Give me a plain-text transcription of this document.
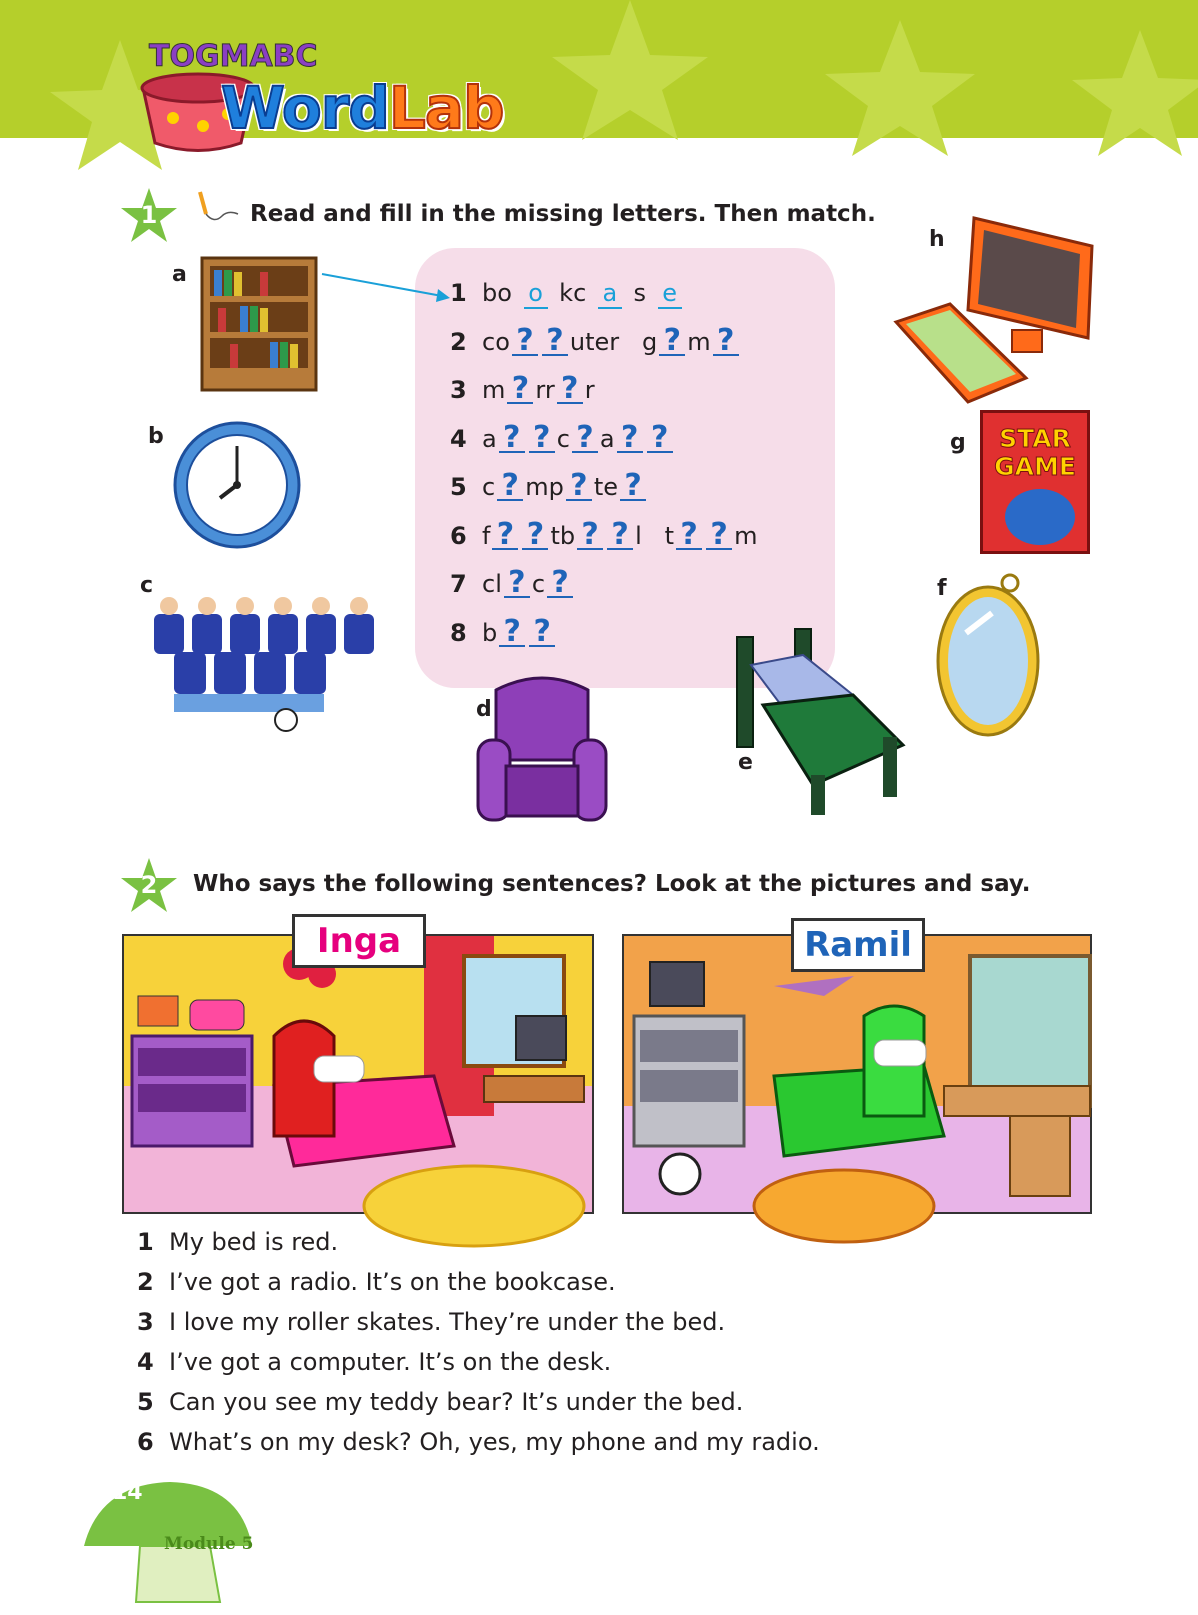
TOGMABC
WordLab
1	Read and fill in the missing letters. Then match.
1 bo o kc a s e
2 co ? ? uter   g ? m ?
3 m ? rr ? r
4 a ? ? c ? a ? ?
5 c ? mp ? te ?
6 f ? ? tb ? ? l   t ? ? m
7 cl ? c ?
8 b ? ?
a
b
c
d
e
f
g
h
STAR
GAME
2	Who says the following sentences? Look at the pictures and say.
Inga	Ramil
1 My bed is red.
2 I’ve got a radio. It’s on the bookcase.
3 I love my roller skates. They’re under the bed.
4 I’ve got a computer. It’s on the desk.
5 Can you see my teddy bear? It’s under the bed.
6 What’s on my desk? Oh, yes, my phone and my radio.
14
Module 5
